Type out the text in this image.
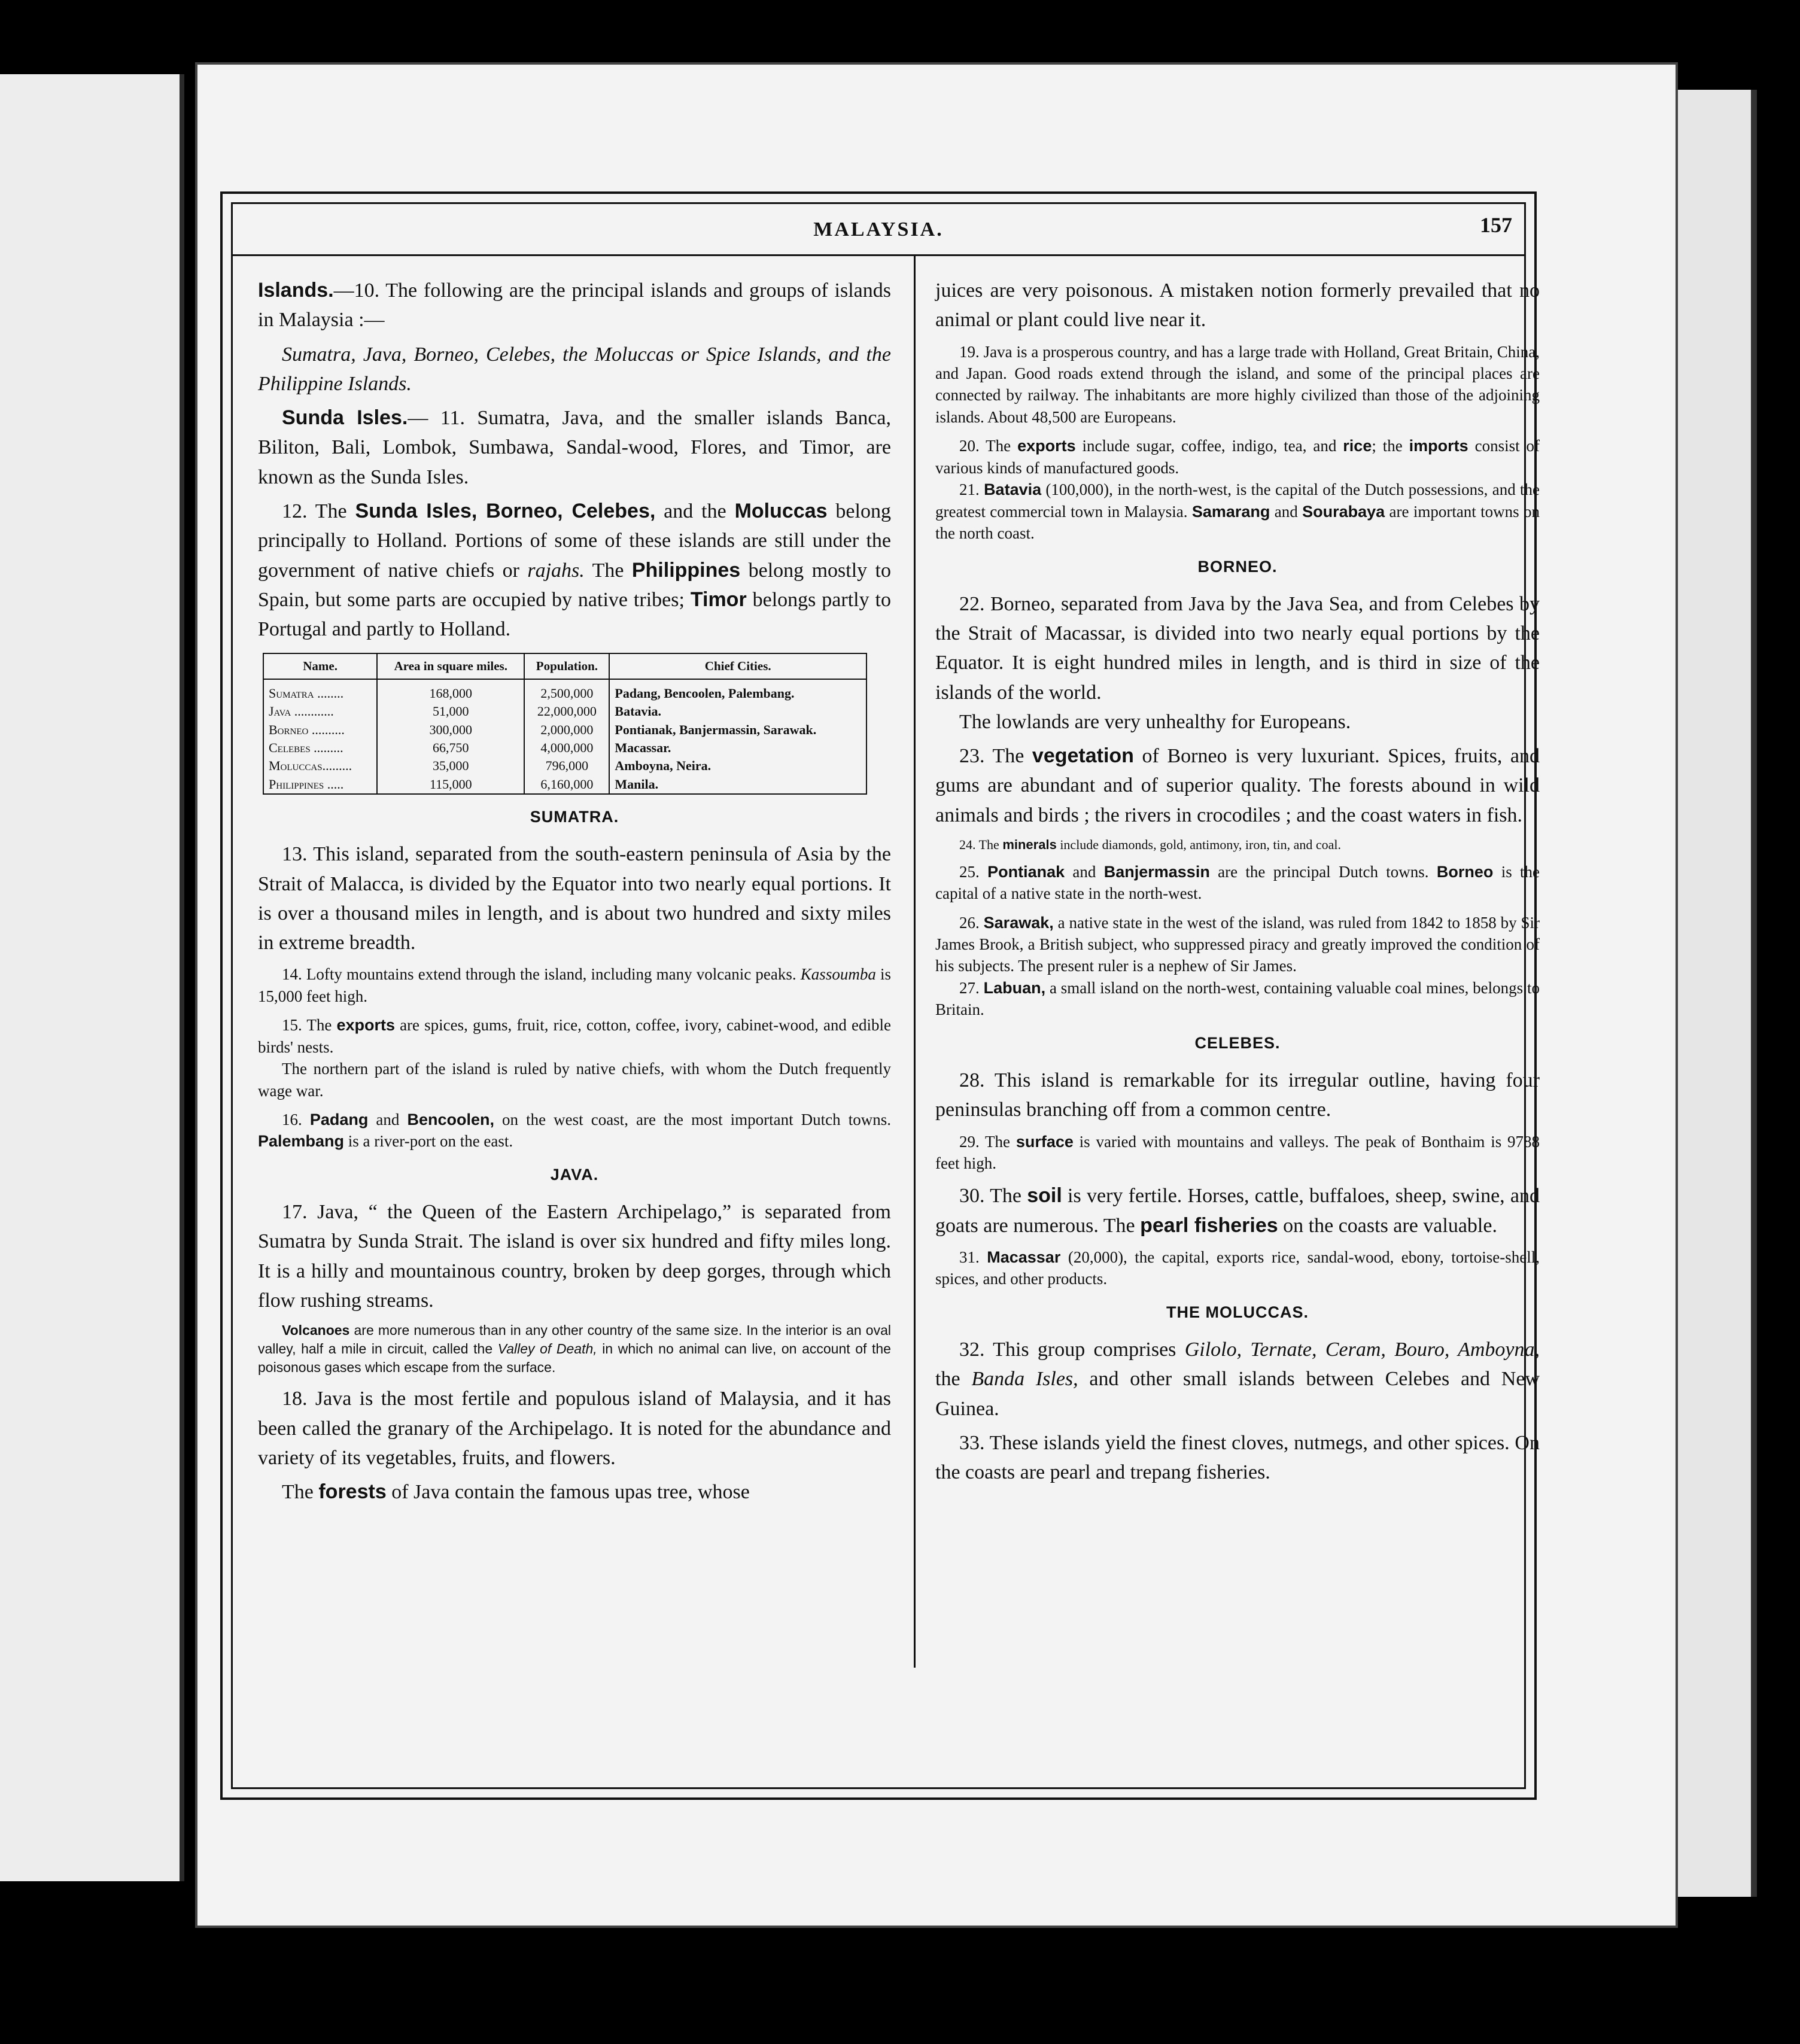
MALAYSIA.	157

Islands.—10. The following are the principal islands and groups of islands in Malaysia :—

Sumatra, Java, Borneo, Celebes, the Moluccas or Spice Islands, and the Philippine Islands.

Sunda Isles.— 11. Sumatra, Java, and the smaller islands Banca, Biliton, Bali, Lombok, Sumbawa, Sandal-wood, Flores, and Timor, are known as the Sunda Isles.

12. The Sunda Isles, Borneo, Celebes, and the Moluccas belong principally to Holland. Portions of some of these islands are still under the government of native chiefs or rajahs. The Philippines belong mostly to Spain, but some parts are occupied by native tribes; Timor belongs partly to Portugal and partly to Holland.

Name.	Area in square miles.	Population.	Chief Cities.
Sumatra ........	168,000	2,500,000	Padang, Bencoolen, Palembang.
Java ............	51,000	22,000,000	Batavia.
Borneo ..........	300,000	2,000,000	Pontianak, Banjermassin, Sarawak.
Celebes .........	66,750	4,000,000	Macassar.
Moluccas.........	35,000	796,000	Amboyna, Neira.
Philippines .....	115,000	6,160,000	Manila.
SUMATRA.

13. This island, separated from the south-eastern peninsula of Asia by the Strait of Malacca, is divided by the Equator into two nearly equal portions. It is over a thousand miles in length, and is about two hundred and sixty miles in extreme breadth.

14. Lofty mountains extend through the island, including many volcanic peaks. Kassoumba is 15,000 feet high.

15. The exports are spices, gums, fruit, rice, cotton, coffee, ivory, cabinet-wood, and edible birds' nests.

The northern part of the island is ruled by native chiefs, with whom the Dutch frequently wage war.

16. Padang and Bencoolen, on the west coast, are the most important Dutch towns. Palembang is a river-port on the east.

JAVA.

17. Java, “ the Queen of the Eastern Archipelago,” is separated from Sumatra by Sunda Strait. The island is over six hundred and fifty miles long. It is a hilly and mountainous country, broken by deep gorges, through which flow rushing streams.

Volcanoes are more numerous than in any other country of the same size. In the interior is an oval valley, half a mile in circuit, called the Valley of Death, in which no animal can live, on account of the poisonous gases which escape from the surface.

18. Java is the most fertile and populous island of Malaysia, and it has been called the granary of the Archipelago. It is noted for the abundance and variety of its vegetables, fruits, and flowers.

The forests of Java contain the famous upas tree, whose

juices are very poisonous. A mistaken notion formerly prevailed that no animal or plant could live near it.

19. Java is a prosperous country, and has a large trade with Holland, Great Britain, China, and Japan. Good roads extend through the island, and some of the principal places are connected by railway. The inhabitants are more highly civilized than those of the adjoining islands. About 48,500 are Europeans.

20. The exports include sugar, coffee, indigo, tea, and rice; the imports consist of various kinds of manufactured goods.

21. Batavia (100,000), in the north-west, is the capital of the Dutch possessions, and the greatest commercial town in Malaysia. Samarang and Sourabaya are important towns on the north coast.

BORNEO.

22. Borneo, separated from Java by the Java Sea, and from Celebes by the Strait of Macassar, is divided into two nearly equal portions by the Equator. It is eight hundred miles in length, and is third in size of the islands of the world.

The lowlands are very unhealthy for Europeans.

23. The vegetation of Borneo is very luxuriant. Spices, fruits, and gums are abundant and of superior quality. The forests abound in wild animals and birds ; the rivers in crocodiles ; and the coast waters in fish.

24. The minerals include diamonds, gold, antimony, iron, tin, and coal.

25. Pontianak and Banjermassin are the principal Dutch towns. Borneo is the capital of a native state in the north-west.

26. Sarawak, a native state in the west of the island, was ruled from 1842 to 1858 by Sir James Brook, a British subject, who suppressed piracy and greatly improved the condition of his subjects. The present ruler is a nephew of Sir James.

27. Labuan, a small island on the north-west, containing valuable coal mines, belongs to Britain.

CELEBES.

28. This island is remarkable for its irregular outline, having four peninsulas branching off from a common centre.

29. The surface is varied with mountains and valleys. The peak of Bonthaim is 9788 feet high.

30. The soil is very fertile. Horses, cattle, buffaloes, sheep, swine, and goats are numerous. The pearl fisheries on the coasts are valuable.

31. Macassar (20,000), the capital, exports rice, sandal-wood, ebony, tortoise-shell, spices, and other products.

THE MOLUCCAS.

32. This group comprises Gilolo, Ternate, Ceram, Bouro, Amboyna, the Banda Isles, and other small islands between Celebes and New Guinea.

33. These islands yield the finest cloves, nutmegs, and other spices. On the coasts are pearl and trepang fisheries.
